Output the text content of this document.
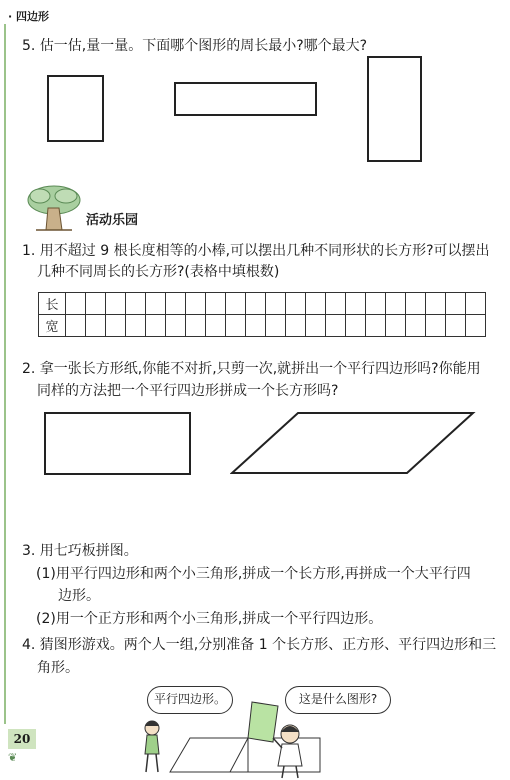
· 四边形
5. 估一估,量一量。下面哪个图形的周长最小?哪个最大?
活动乐园
1. 用不超过 9 根长度相等的小棒,可以摆出几种不同形状的长方形?可以摆出
几种不同周长的长方形?(表格中填根数)
长																					
宽																					
2. 拿一张长方形纸,你能不对折,只剪一次,就拼出一个平行四边形吗?你能用
同样的方法把一个平行四边形拼成一个长方形吗?
3. 用七巧板拼图。
(1)用平行四边形和两个小三角形,拼成一个长方形,再拼成一个大平行四
边形。
(2)用一个正方形和两个小三角形,拼成一个平行四边形。
4. 猜图形游戏。两个人一组,分别准备 1 个长方形、正方形、平行四边形和三
角形。
平行四边形。	这是什么图形?
20
❦
